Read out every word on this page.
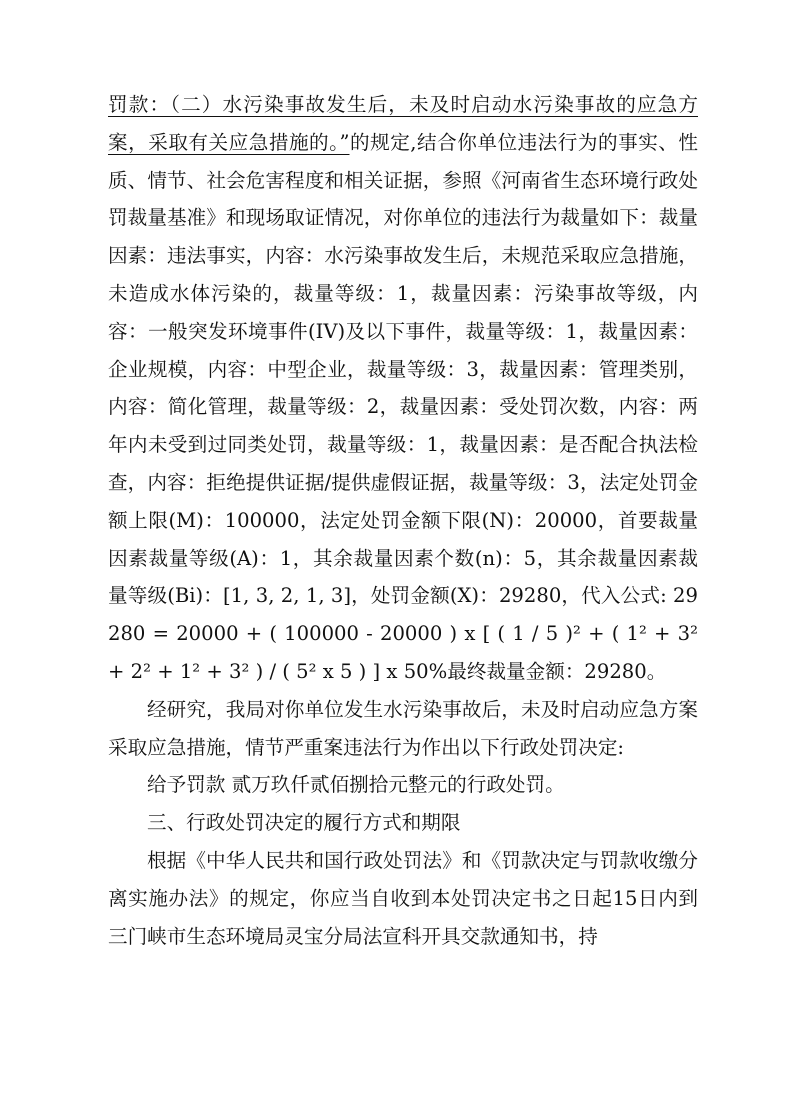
罚款：（二）水污染事故发生后，未及时启动水污染事故的应急方案，采取有关应急措施的。”的规定,结合你单位违法行为的事实、性质、情节、社会危害程度和相关证据，参照《河南省生态环境行政处罚裁量基准》和现场取证情况，对你单位的违法行为裁量如下：裁量因素：违法事实，内容：水污染事故发生后，未规范采取应急措施，未造成水体污染的，裁量等级：1，裁量因素：污染事故等级，内容：一般突发环境事件(IV)及以下事件，裁量等级：1，裁量因素：企业规模，内容：中型企业，裁量等级：3，裁量因素：管理类别，内容：简化管理，裁量等级：2，裁量因素：受处罚次数，内容：两年内未受到过同类处罚，裁量等级：1，裁量因素：是否配合执法检查，内容：拒绝提供证据/提供虚假证据，裁量等级：3，法定处罚金额上限(M)：100000，法定处罚金额下限(N)：20000，首要裁量因素裁量等级(A)：1，其余裁量因素个数(n)：5，其余裁量因素裁量等级(Bi)：[1, 3, 2, 1, 3]，处罚金额(X)：29280，代入公式: 29280 = 20000 + ( 100000 - 20000 ) x [ ( 1 / 5 )² + ( 1² + 3² + 2² + 1² + 3² ) / ( 5² x 5 ) ] x 50%最终裁量金额：29280。

经研究，我局对你单位发生水污染事故后，未及时启动应急方案采取应急措施，情节严重案违法行为作出以下行政处罚决定:

给予罚款 贰万玖仟贰佰捌拾元整元的行政处罚。

三、行政处罚决定的履行方式和期限

根据《中华人民共和国行政处罚法》和《罚款决定与罚款收缴分离实施办法》的规定，你应当自收到本处罚决定书之日起15日内到三门峡市生态环境局灵宝分局法宣科开具交款通知书，持
